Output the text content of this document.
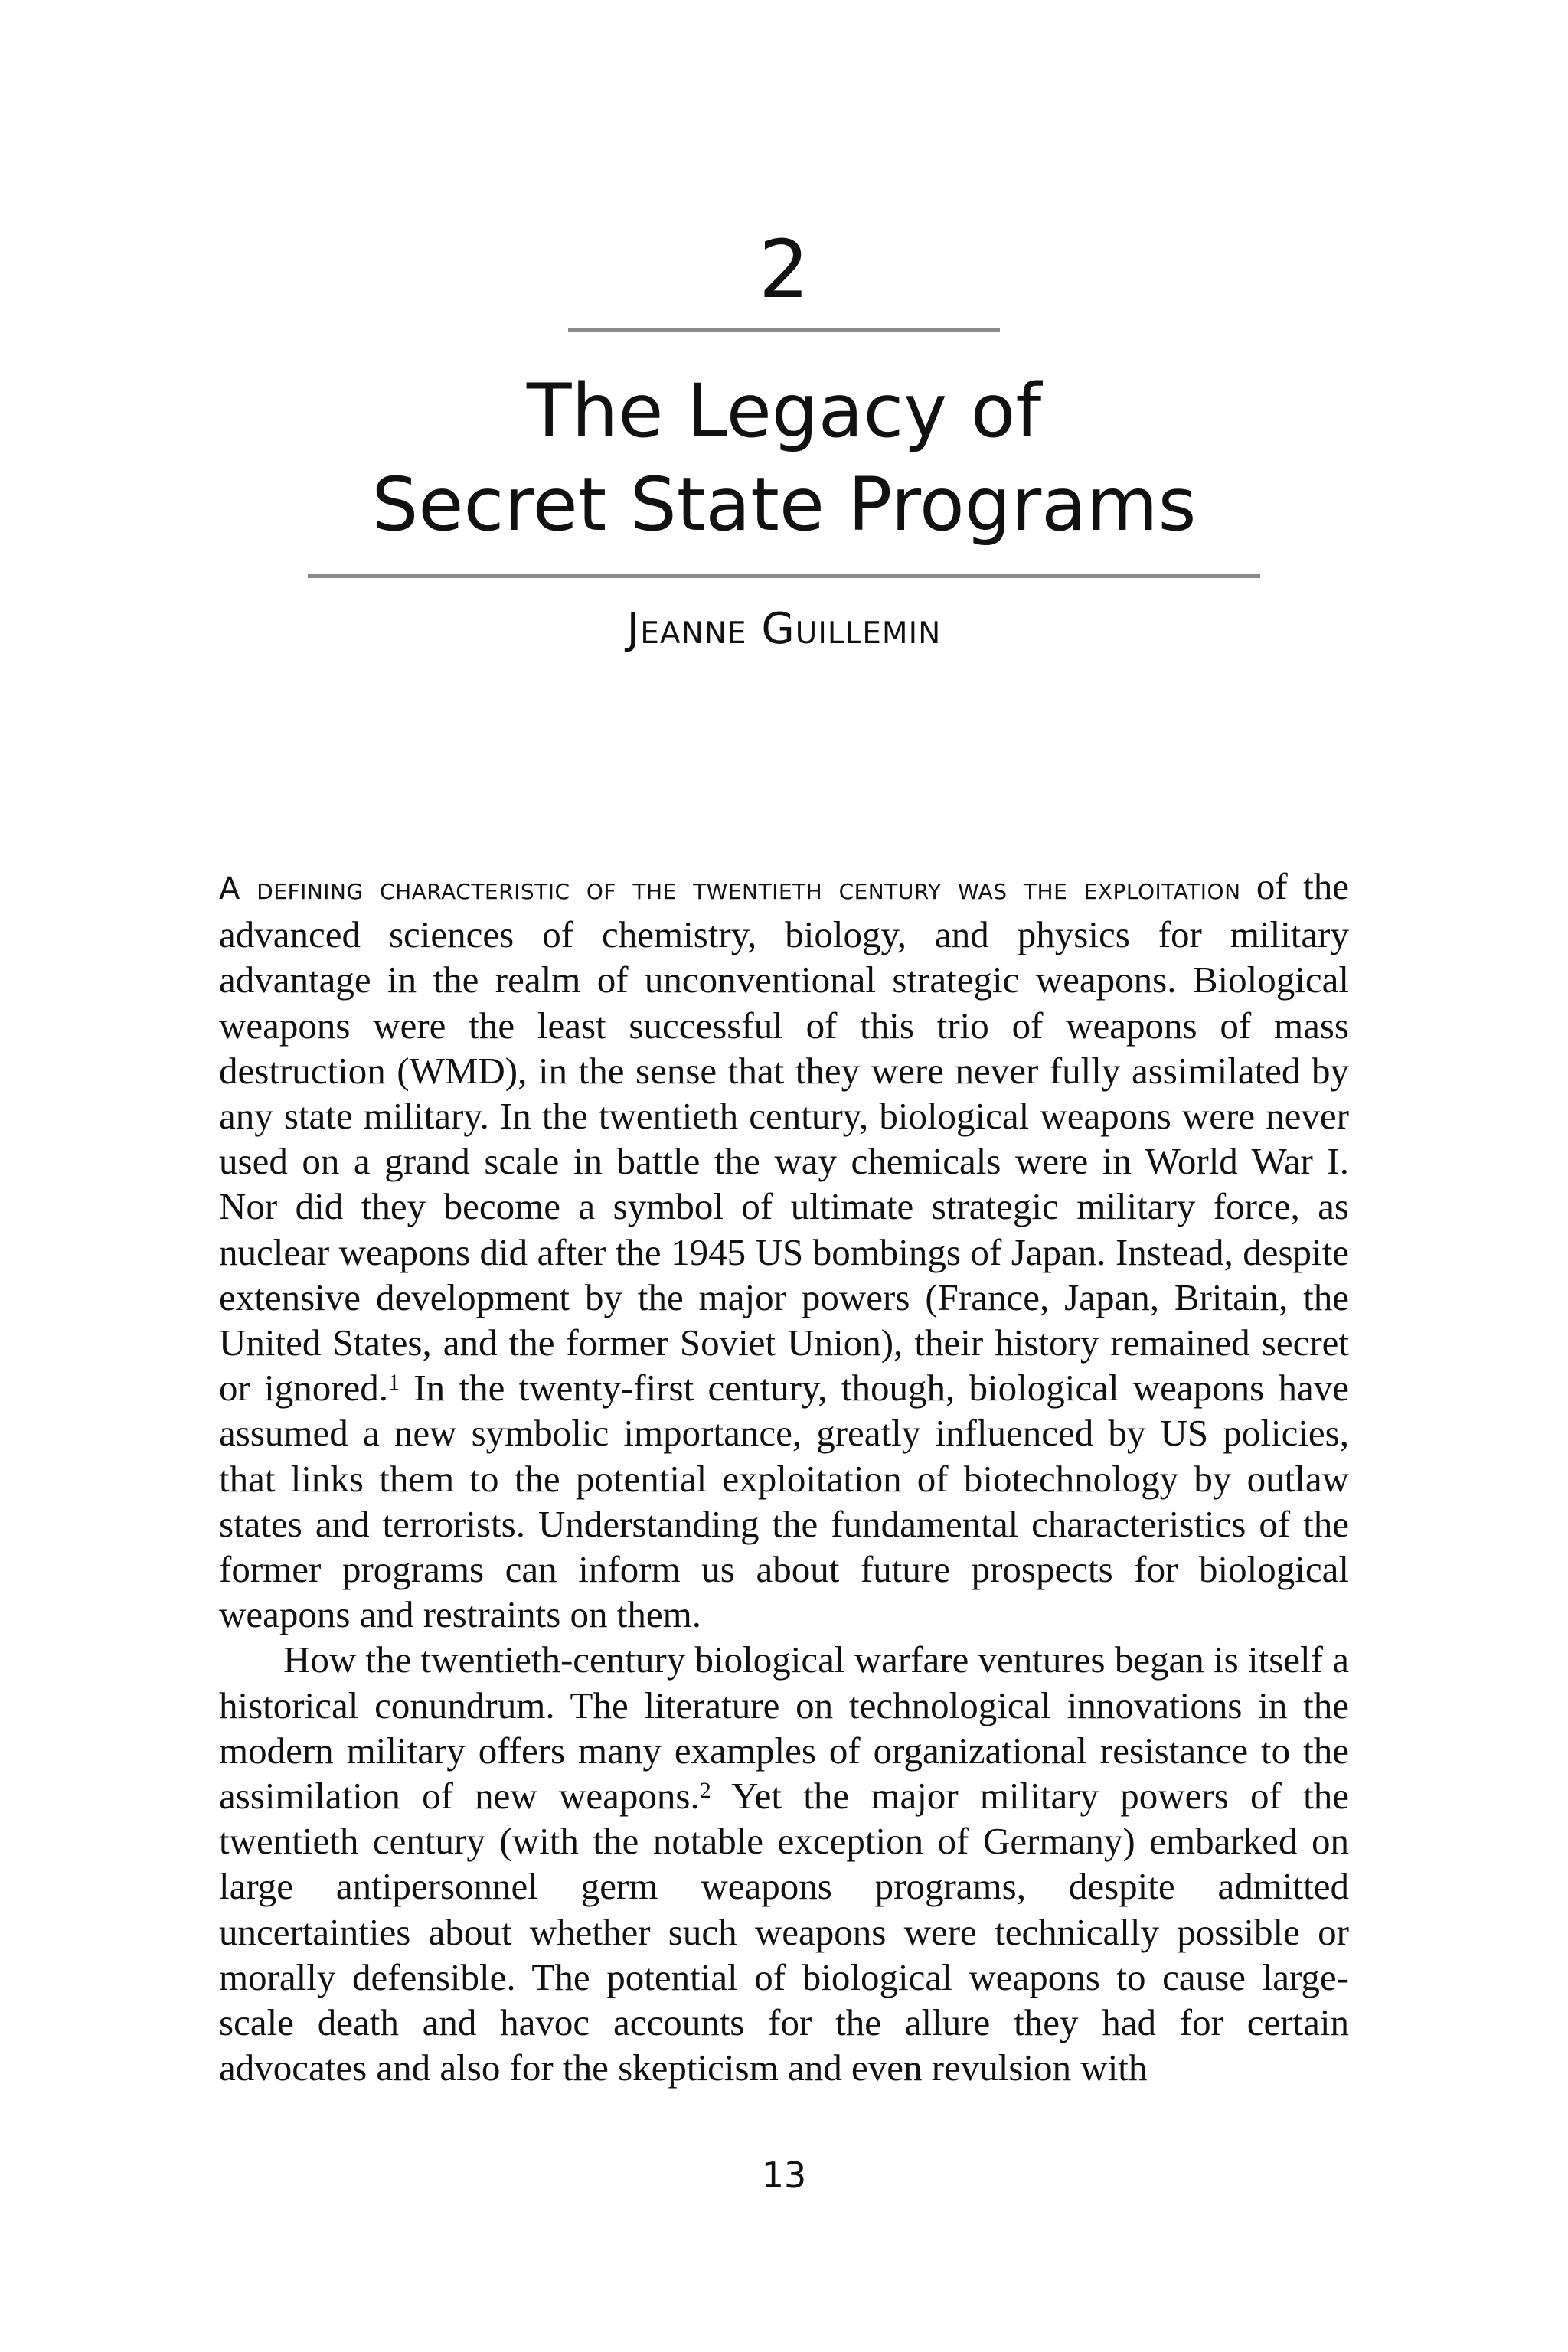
2
The Legacy of
Secret State Programs
Jeanne Guillemin

A defining characteristic of the twentieth century was the exploitation of the advanced sciences of chemistry, biology, and physics for military advantage in the realm of unconventional strategic weapons. Biological weapons were the least successful of this trio of weapons of mass destruction (WMD), in the sense that they were never fully assimilated by any state military. In the twentieth century, biological weapons were never used on a grand scale in battle the way chemicals were in World War I. Nor did they become a symbol of ultimate strategic military force, as nuclear weapons did after the 1945 US bombings of Japan. Instead, despite extensive development by the major powers (France, Japan, Britain, the United States, and the former Soviet Union), their history remained secret or ignored.$^1$ In the twenty-first century, though, biological weapons have assumed a new symbolic importance, greatly influenced by US policies, that links them to the potential exploitation of biotechnology by outlaw states and terrorists. Understanding the fundamental characteristics of the former programs can inform us about future prospects for biological weapons and restraints on them.

How the twentieth-century biological warfare ventures began is itself a historical conundrum. The literature on technological innovations in the modern military offers many examples of organizational resistance to the assimilation of new weapons.$^2$ Yet the major military powers of the twentieth century (with the notable exception of Germany) embarked on large antipersonnel germ weapons programs, despite admitted uncertainties about whether such weapons were technically possible or morally defensible. The potential of biological weapons to cause large-scale death and havoc accounts for the allure they had for certain advocates and also for the skepticism and even revulsion with

13
